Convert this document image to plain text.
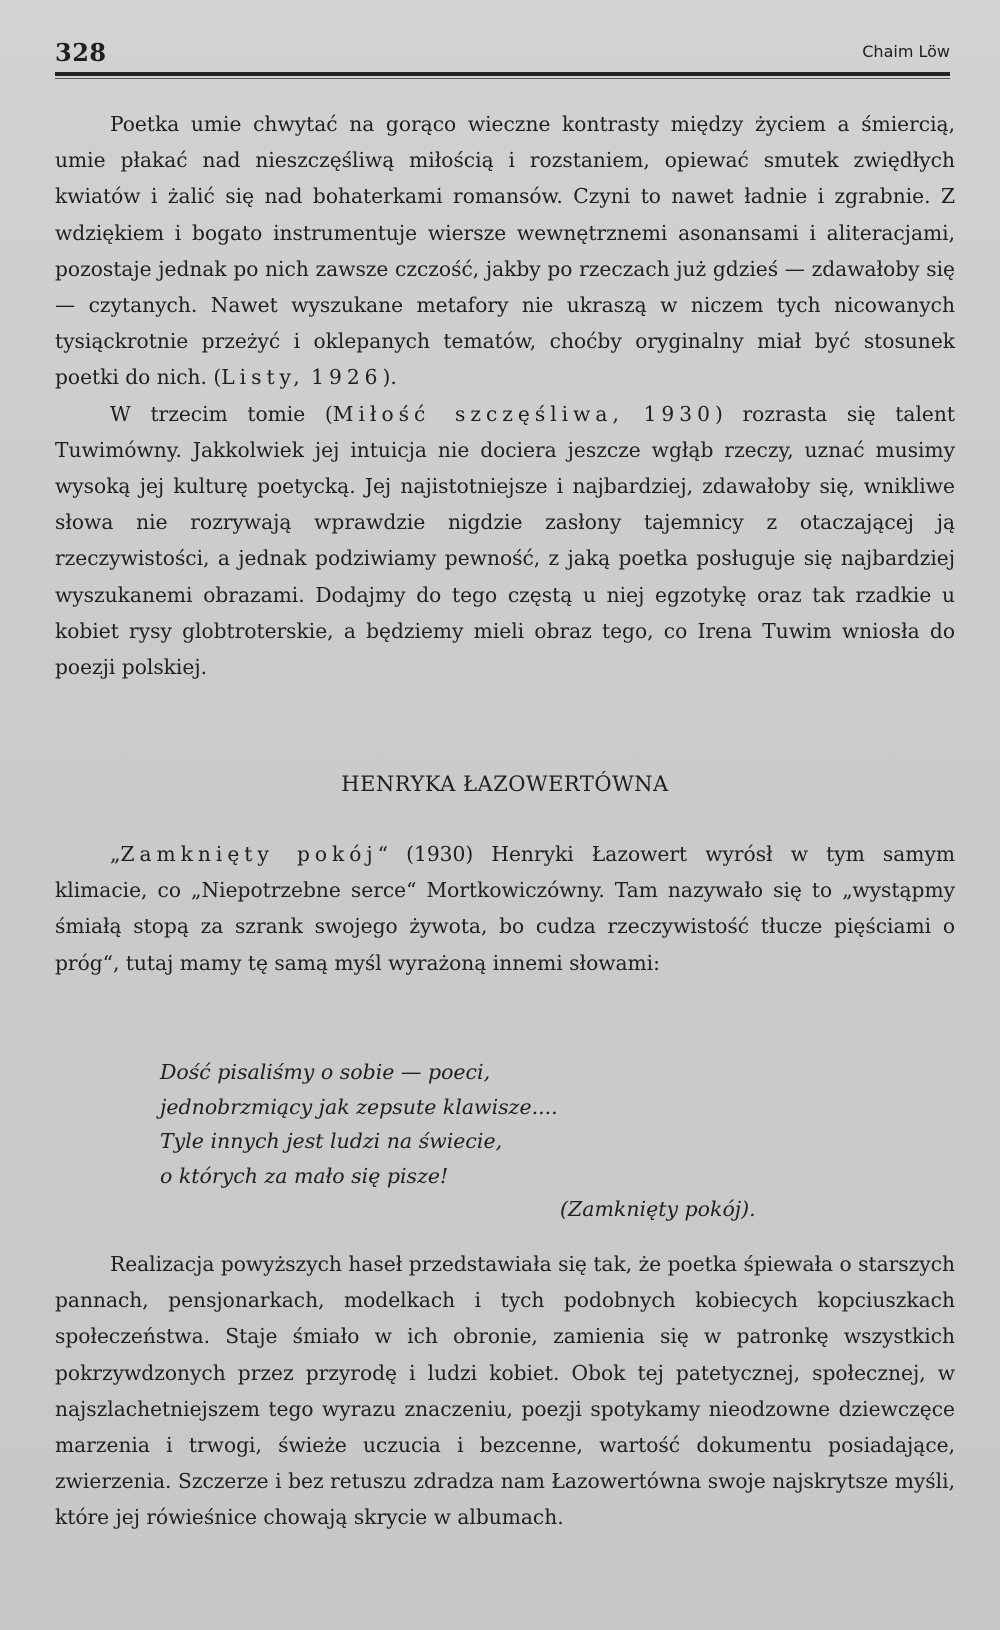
328	Chaim Löw

Poetka umie chwytać na gorąco wieczne kontrasty między życiem a śmiercią, umie płakać nad nieszczęśliwą miłością i rozstaniem, opiewać smutek zwiędłych kwiatów i żalić się nad bohaterkami romansów. Czyni to nawet ładnie i zgrabnie. Z wdziękiem i bogato instrumentuje wiersze wewnętrznemi asonansami i aliteracjami, pozostaje jednak po nich zawsze czczość, jakby po rzeczach już gdzieś — zdawałoby się — czytanych. Nawet wyszukane metafory nie ukraszą w niczem tych nicowanych tysiąckrotnie przeżyć i oklepanych tematów, choćby oryginalny miał być stosunek poetki do nich. (Listy, 1926).

W trzecim tomie (Miłość szczęśliwa, 1930) rozrasta się talent Tuwimówny. Jakkolwiek jej intuicja nie dociera jeszcze wgłąb rzeczy, uznać musimy wysoką jej kulturę poetycką. Jej najistotniejsze i najbardziej, zdawałoby się, wnikliwe słowa nie rozrywają wprawdzie nigdzie zasłony tajemnicy z otaczającej ją rzeczywistości, a jednak podziwiamy pewność, z jaką poetka posługuje się najbardziej wyszukanemi obrazami. Dodajmy do tego częstą u niej egzotykę oraz tak rzadkie u kobiet rysy globtroterskie, a będziemy mieli obraz tego, co Irena Tuwim wniosła do poezji polskiej.

HENRYKA ŁAZOWERTÓWNA

„Zamknięty pokój“ (1930) Henryki Łazowert wyrósł w tym samym klimacie, co „Niepotrzebne serce“ Mortkowiczówny. Tam nazywało się to „wystąpmy śmiałą stopą za szrank swojego żywota, bo cudza rzeczywistość tłucze pięściami o próg“, tutaj mamy tę samą myśl wyrażoną innemi słowami:

Dość pisaliśmy o sobie — poeci,
jednobrzmiący jak zepsute klawisze....
Tyle innych jest ludzi na świecie,
o których za mało się pisze!
(Zamknięty pokój).

Realizacja powyższych haseł przedstawiała się tak, że poetka śpiewała o starszych pannach, pensjonarkach, modelkach i tych podobnych kobiecych kopciuszkach społeczeństwa. Staje śmiało w ich obronie, zamienia się w patronkę wszystkich pokrzywdzonych przez przyrodę i ludzi kobiet. Obok tej patetycznej, społecznej, w najszlachetniejszem tego wyrazu znaczeniu, poezji spotykamy nieodzowne dziewczęce marzenia i trwogi, świeże uczucia i bezcenne, wartość dokumentu posiadające, zwierzenia. Szczerze i bez retuszu zdradza nam Łazowertówna swoje najskrytsze myśli, które jej rówieśnice chowają skrycie w albumach.
